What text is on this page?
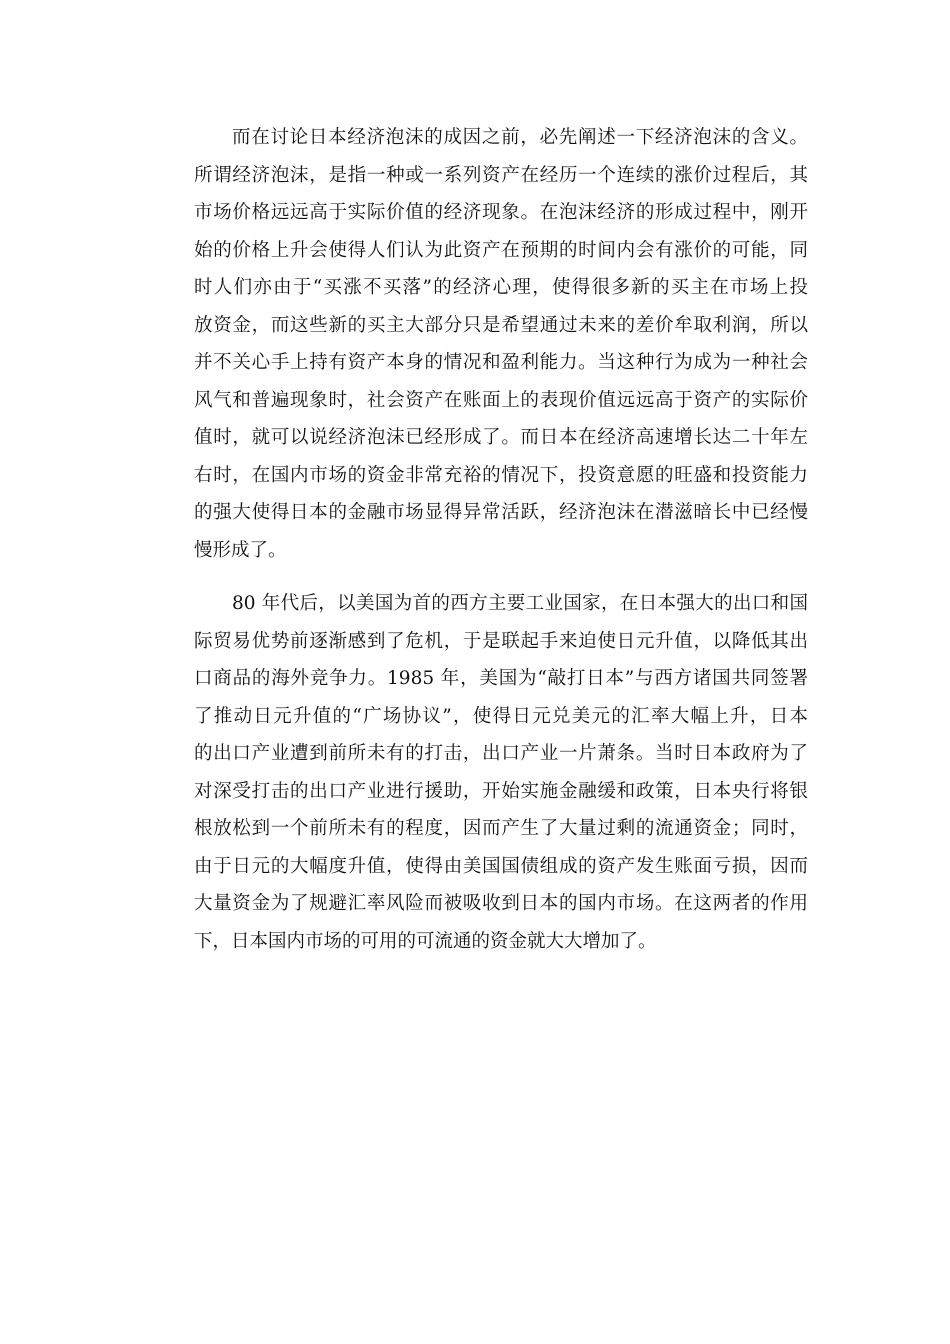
而在讨论日本经济泡沫的成因之前，必先阐述一下经济泡沫的含义。
所谓经济泡沫，是指一种或一系列资产在经历一个连续的涨价过程后，其
市场价格远远高于实际价值的经济现象。在泡沫经济的形成过程中，刚开
始的价格上升会使得人们认为此资产在预期的时间内会有涨价的可能，同
时人们亦由于“买涨不买落”的经济心理，使得很多新的买主在市场上投
放资金，而这些新的买主大部分只是希望通过未来的差价牟取利润，所以
并不关心手上持有资产本身的情况和盈利能力。当这种行为成为一种社会
风气和普遍现象时，社会资产在账面上的表现价值远远高于资产的实际价
值时，就可以说经济泡沫已经形成了。而日本在经济高速增长达二十年左
右时，在国内市场的资金非常充裕的情况下，投资意愿的旺盛和投资能力
的强大使得日本的金融市场显得异常活跃，经济泡沫在潜滋暗长中已经慢
慢形成了。
80 年代后，以美国为首的西方主要工业国家，在日本强大的出口和国
际贸易优势前逐渐感到了危机，于是联起手来迫使日元升值，以降低其出
口商品的海外竞争力。1985 年，美国为“敲打日本”与西方诸国共同签署
了推动日元升值的“广场协议”，使得日元兑美元的汇率大幅上升，日本
的出口产业遭到前所未有的打击，出口产业一片萧条。当时日本政府为了
对深受打击的出口产业进行援助，开始实施金融缓和政策，日本央行将银
根放松到一个前所未有的程度，因而产生了大量过剩的流通资金；同时，
由于日元的大幅度升值，使得由美国国债组成的资产发生账面亏损，因而
大量资金为了规避汇率风险而被吸收到日本的国内市场。在这两者的作用
下，日本国内市场的可用的可流通的资金就大大增加了。
